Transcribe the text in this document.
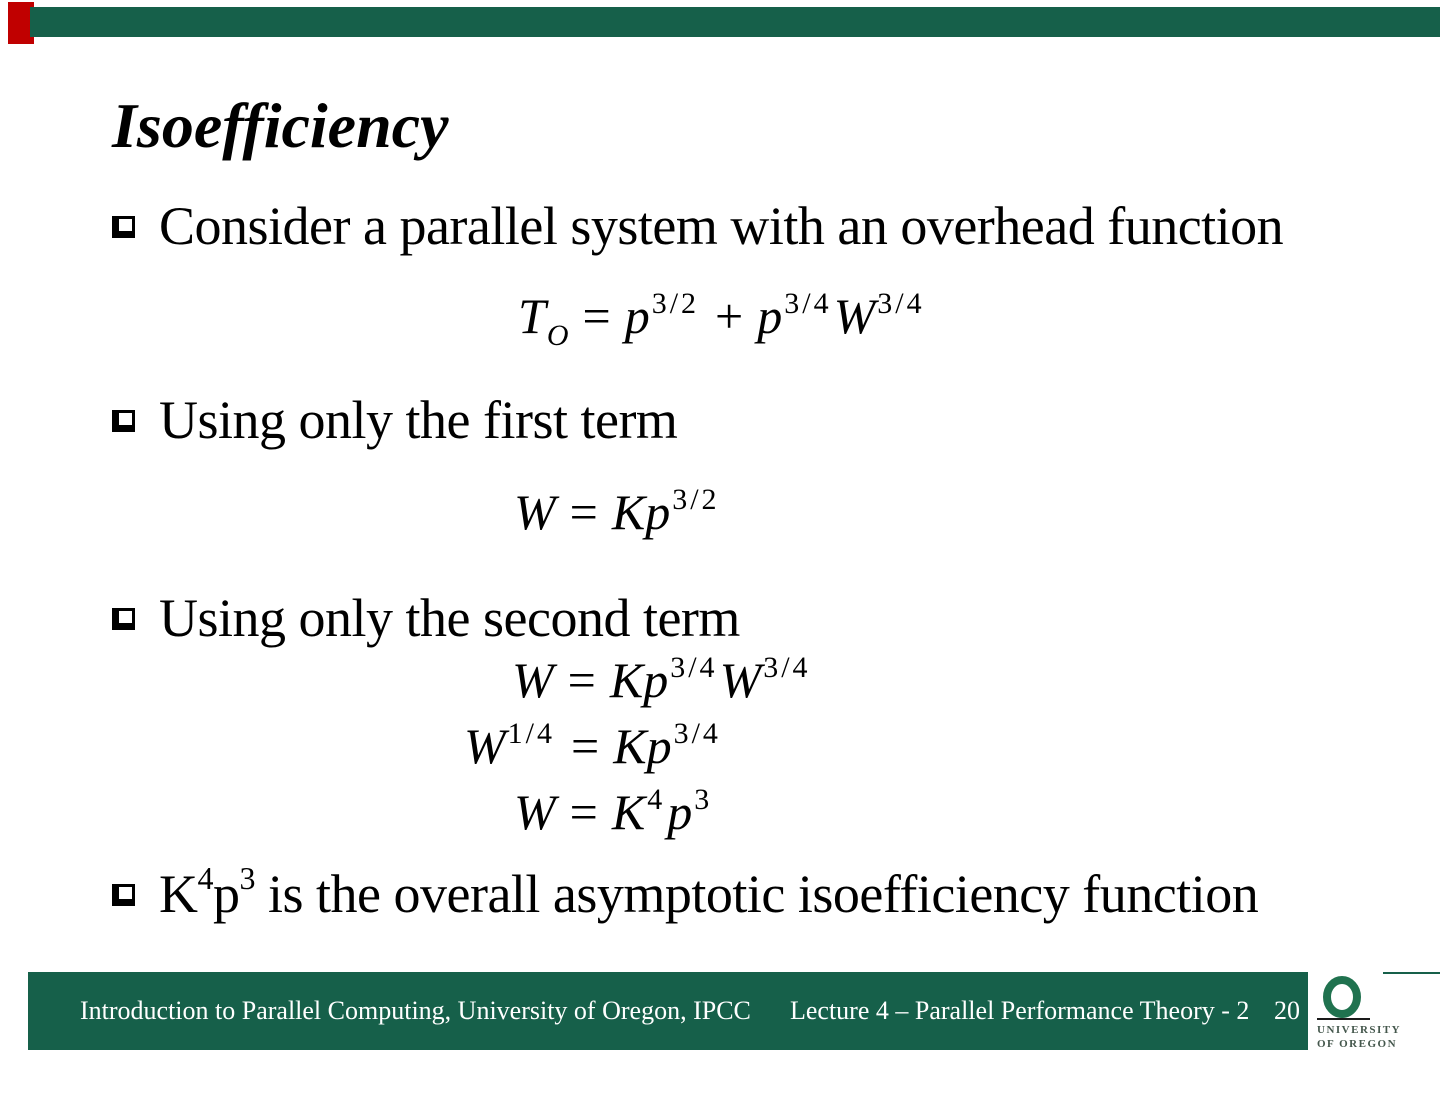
Isoefficiency
Consider a parallel system with an overhead function
Using only the first term
Using only the second term
$K^4p^3$ is the overall asymptotic isoefficiency function
$T_O = p^{3/2} + p^{3/4}W^{3/4}$
$W = Kp^{3/2}$
$W = Kp^{3/4}W^{3/4}$
$W^{1/4} = Kp^{3/4}$
$W = K^4p^3$
Introduction to Parallel Computing, University of Oregon, IPCC Lecture 4 – Parallel Performance Theory - 2 20
UNIVERSITY
OF OREGON
